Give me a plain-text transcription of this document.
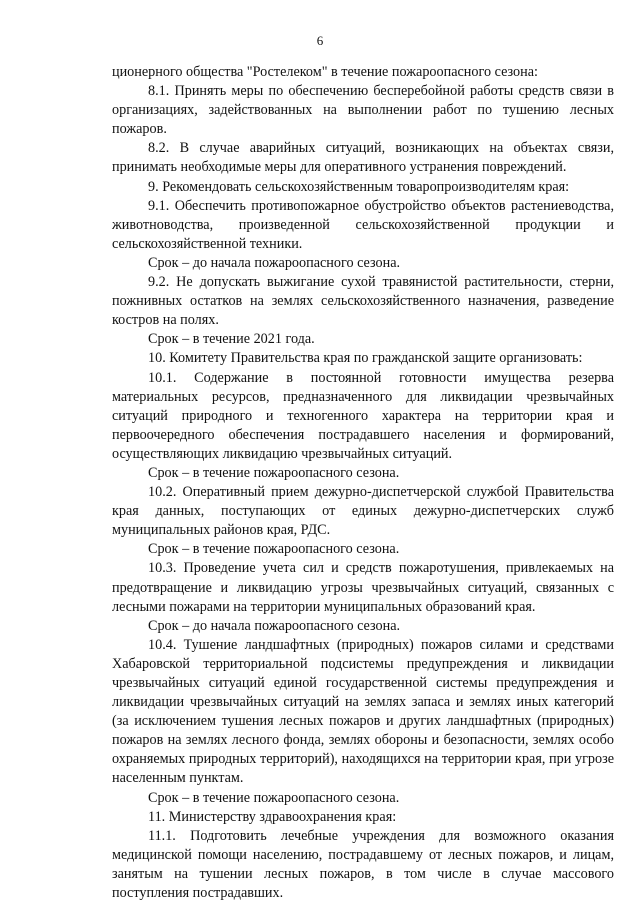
6

ционерного общества "Ростелеком" в течение пожароопасного сезона:

8.1. Принять меры по обеспечению бесперебойной работы средств связи в организациях, задействованных на выполнении работ по тушению лесных пожаров.

8.2. В случае аварийных ситуаций, возникающих на объектах связи, принимать необходимые меры для оперативного устранения повреждений.

9. Рекомендовать сельскохозяйственным товаропроизводителям края:

9.1. Обеспечить противопожарное обустройство объектов растениеводства, животноводства, произведенной сельскохозяйственной продукции и сельскохозяйственной техники.

Срок – до начала пожароопасного сезона.

9.2. Не допускать выжигание сухой травянистой растительности, стерни, пожнивных остатков на землях сельскохозяйственного назначения, разведение костров на полях.

Срок – в течение 2021 года.

10. Комитету Правительства края по гражданской защите организовать:

10.1. Содержание в постоянной готовности имущества резерва материальных ресурсов, предназначенного для ликвидации чрезвычайных ситуаций природного и техногенного характера на территории края и первоочередного обеспечения пострадавшего населения и формирований, осуществляющих ликвидацию чрезвычайных ситуаций.

Срок – в течение пожароопасного сезона.

10.2. Оперативный прием дежурно-диспетчерской службой Правительства края данных, поступающих от единых дежурно-диспетчерских служб муниципальных районов края, РДС.

Срок – в течение пожароопасного сезона.

10.3. Проведение учета сил и средств пожаротушения, привлекаемых на предотвращение и ликвидацию угрозы чрезвычайных ситуаций, связанных с лесными пожарами на территории муниципальных образований края.

Срок – до начала пожароопасного сезона.

10.4. Тушение ландшафтных (природных) пожаров силами и средствами Хабаровской территориальной подсистемы предупреждения и ликвидации чрезвычайных ситуаций единой государственной системы предупреждения и ликвидации чрезвычайных ситуаций на землях запаса и землях иных категорий (за исключением тушения лесных пожаров и других ландшафтных (природных) пожаров на землях лесного фонда, землях обороны и безопасности, землях особо охраняемых природных территорий), находящихся на территории края, при угрозе населенным пунктам.

Срок – в течение пожароопасного сезона.

11. Министерству здравоохранения края:

11.1. Подготовить лечебные учреждения для возможного оказания медицинской помощи населению, пострадавшему от лесных пожаров, и лицам, занятым на тушении лесных пожаров, в том числе в случае массового поступления пострадавших.
